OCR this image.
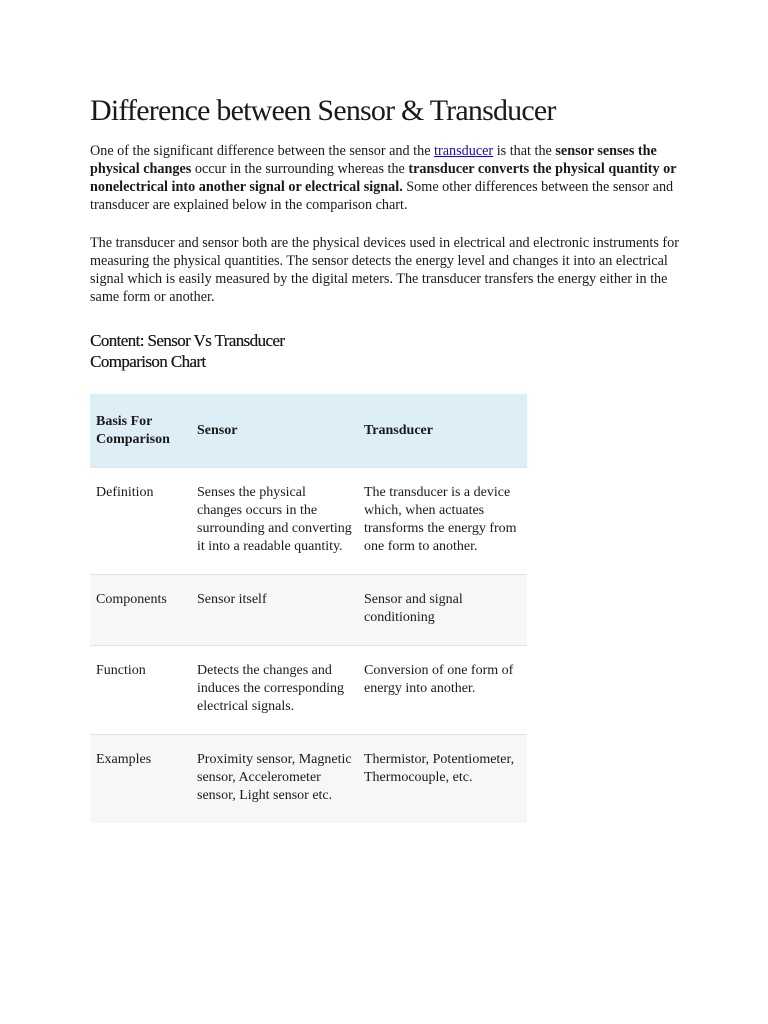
Difference between Sensor & Transducer

One of the significant difference between the sensor and the transducer is that the sensor senses the physical changes occur in the surrounding whereas the transducer converts the physical quantity or nonelectrical into another signal or electrical signal. Some other differences between the sensor and transducer are explained below in the comparison chart.

The transducer and sensor both are the physical devices used in electrical and electronic instruments for measuring the physical quantities. The sensor detects the energy level and changes it into an electrical signal which is easily measured by the digital meters. The transducer transfers the energy either in the same form or another.

Content: Sensor Vs Transducer
Comparison Chart
Basis For Comparison	Sensor	Transducer
Definition	Senses the physical changes occurs in the surrounding and converting it into a readable quantity.	The transducer is a device which, when actuates transforms the energy from one form to another.
Components	Sensor itself	Sensor and signal conditioning
Function	Detects the changes and induces the corresponding electrical signals.	Conversion of one form of energy into another.
Examples	Proximity sensor, Magnetic sensor, Accelerometer sensor, Light sensor etc.	Thermistor, Potentiometer, Thermocouple, etc.
